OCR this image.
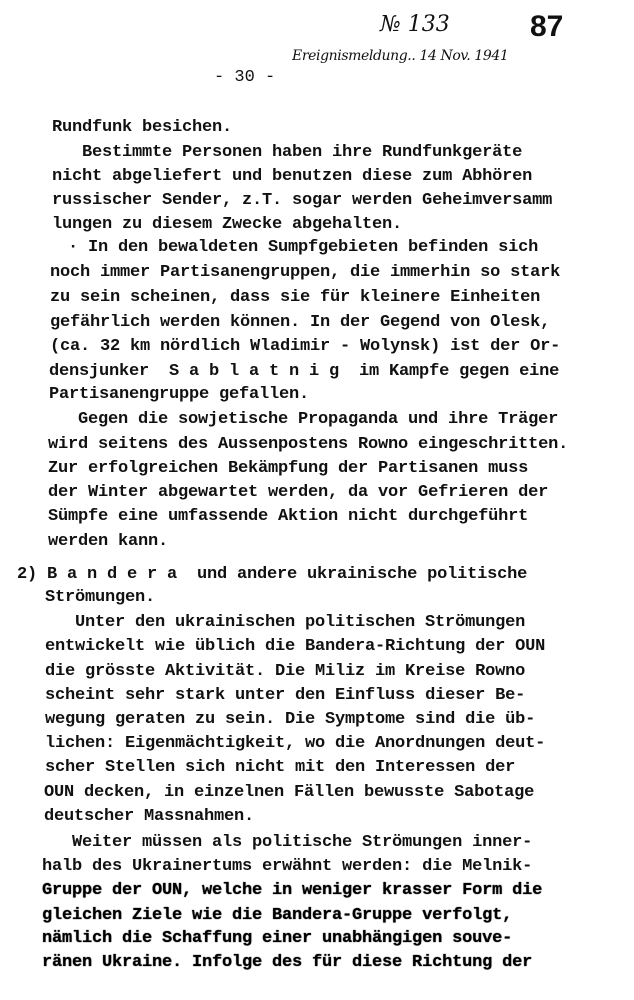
№ 133
Ereignismeldung.. 14 Nov. 1941
- 30 -
87
Rundfunk besichen.
Bestimmte Personen haben ihre Rundfunkgeräte
nicht abgeliefert und benutzen diese zum Abhören
russischer Sender, z.T. sogar werden Geheimversamm
lungen zu diesem Zwecke abgehalten.
· In den bewaldeten Sumpfgebieten befinden sich
noch immer Partisanengruppen, die immerhin so stark
zu sein scheinen, dass sie für kleinere Einheiten
gefährlich werden können. In der Gegend von Olesk,
(ca. 32 km nördlich Wladimir - Wolynsk) ist der Or-
densjunker  S a b l a t n i g  im Kampfe gegen eine
Partisanengruppe gefallen.
Gegen die sowjetische Propaganda und ihre Träger
wird seitens des Aussenpostens Rowno eingeschritten.
Zur erfolgreichen Bekämpfung der Partisanen muss
der Winter abgewartet werden, da vor Gefrieren der
Sümpfe eine umfassende Aktion nicht durchgeführt
werden kann.
2) B a n d e r a  und andere ukrainische politische
Strömungen.
Unter den ukrainischen politischen Strömungen
entwickelt wie üblich die Bandera-Richtung der OUN
die grösste Aktivität. Die Miliz im Kreise Rowno
scheint sehr stark unter den Einfluss dieser Be-
wegung geraten zu sein. Die Symptome sind die üb-
lichen: Eigenmächtigkeit, wo die Anordnungen deut-
scher Stellen sich nicht mit den Interessen der
OUN decken, in einzelnen Fällen bewusste Sabotage
deutscher Massnahmen.
Weiter müssen als politische Strömungen inner-
halb des Ukrainertums erwähnt werden: die Melnik-
Gruppe der OUN, welche in weniger krasser Form die
gleichen Ziele wie die Bandera-Gruppe verfolgt,
nämlich die Schaffung einer unabhängigen souve-
ränen Ukraine. Infolge des für diese Richtung der
